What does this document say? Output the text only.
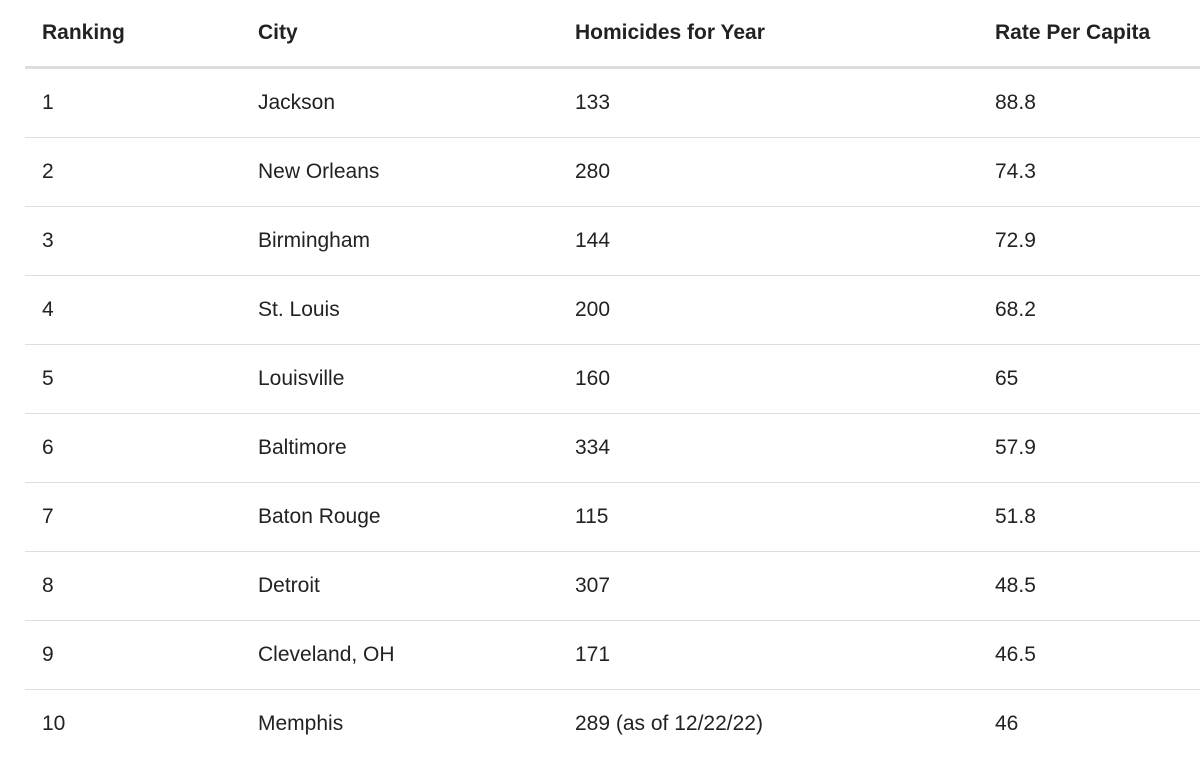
Ranking	City	Homicides for Year	Rate Per Capita
1	Jackson	133	88.8
2	New Orleans	280	74.3
3	Birmingham	144	72.9
4	St. Louis	200	68.2
5	Louisville	160	65
6	Baltimore	334	57.9
7	Baton Rouge	115	51.8
8	Detroit	307	48.5
9	Cleveland, OH	171	46.5
10	Memphis	289 (as of 12/22/22)	46
